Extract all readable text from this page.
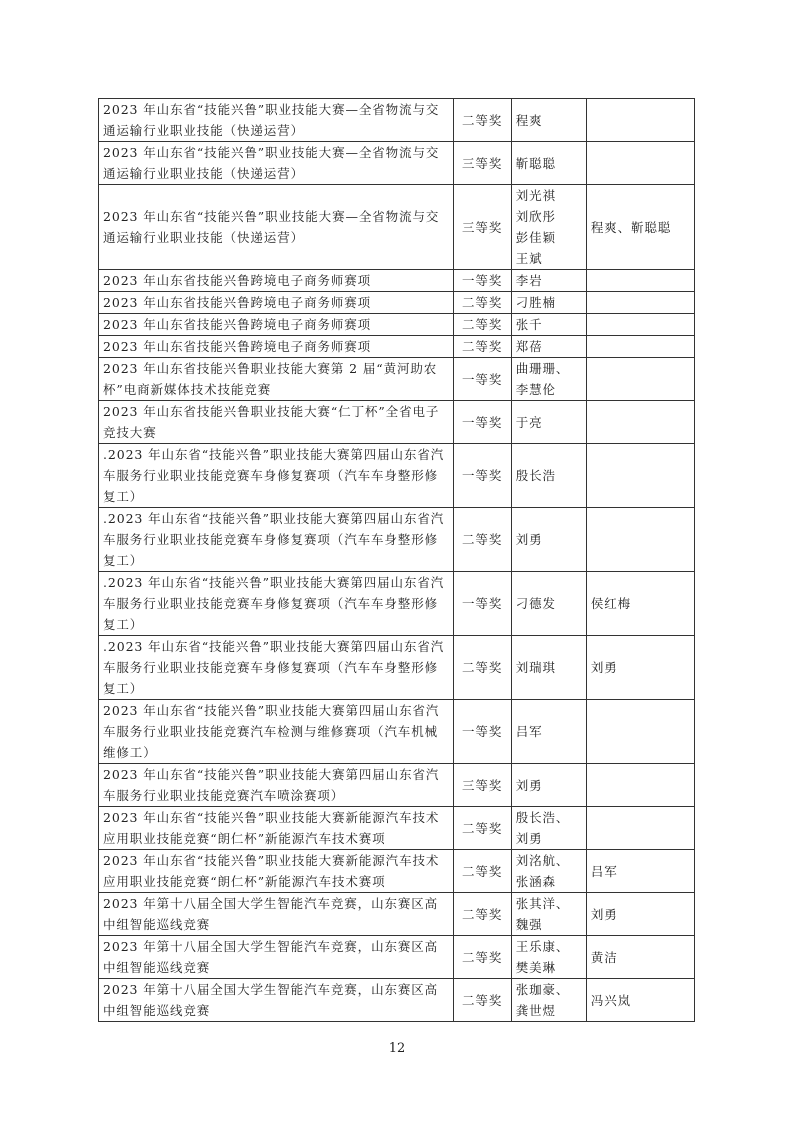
2023 年山东省“技能兴鲁”职业技能大赛—全省物流与交通运输行业职业技能（快递运营）	二等奖	程爽	

2023 年山东省“技能兴鲁”职业技能大赛—全省物流与交通运输行业职业技能（快递运营）	三等奖	靳聪聪	

2023 年山东省“技能兴鲁”职业技能大赛—全省物流与交通运输行业职业技能（快递运营）	三等奖	刘光祺
刘欣彤
彭佳颖
王斌	程爽、靳聪聪
2023 年山东省技能兴鲁跨境电子商务师赛项	一等奖	李岩	

2023 年山东省技能兴鲁跨境电子商务师赛项	二等奖	刁胜楠	

2023 年山东省技能兴鲁跨境电子商务师赛项	二等奖	张千	

2023 年山东省技能兴鲁跨境电子商务师赛项	二等奖	郑蓓	

2023 年山东省技能兴鲁职业技能大赛第 2 届“黄河助农杯”电商新媒体技术技能竞赛	一等奖	曲珊珊、
李慧伦	

2023 年山东省技能兴鲁职业技能大赛“仁丁杯”全省电子竞技大赛	一等奖	于亮	

.2023 年山东省“技能兴鲁”职业技能大赛第四届山东省汽车服务行业职业技能竞赛车身修复赛项（汽车车身整形修复工）	一等奖	殷长浩	

.2023 年山东省“技能兴鲁”职业技能大赛第四届山东省汽车服务行业职业技能竞赛车身修复赛项（汽车车身整形修复工）	二等奖	刘勇	

.2023 年山东省“技能兴鲁”职业技能大赛第四届山东省汽车服务行业职业技能竞赛车身修复赛项（汽车车身整形修复工）	一等奖	刁德发	侯红梅
.2023 年山东省“技能兴鲁”职业技能大赛第四届山东省汽车服务行业职业技能竞赛车身修复赛项（汽车车身整形修复工）	二等奖	刘瑞琪	刘勇
2023 年山东省“技能兴鲁”职业技能大赛第四届山东省汽车服务行业职业技能竞赛汽车检测与维修赛项（汽车机械维修工）	一等奖	吕军	

2023 年山东省“技能兴鲁”职业技能大赛第四届山东省汽车服务行业职业技能竞赛汽车喷涂赛项）	三等奖	刘勇	

2023 年山东省“技能兴鲁”职业技能大赛新能源汽车技术应用职业技能竞赛“朗仁杯”新能源汽车技术赛项	二等奖	殷长浩、
刘勇	

2023 年山东省“技能兴鲁”职业技能大赛新能源汽车技术应用职业技能竞赛“朗仁杯”新能源汽车技术赛项	二等奖	刘洺航、
张涵森	吕军
2023 年第十八届全国大学生智能汽车竞赛，山东赛区高中组智能巡线竞赛	二等奖	张其洋、
魏强	刘勇
2023 年第十八届全国大学生智能汽车竞赛，山东赛区高中组智能巡线竞赛	二等奖	王乐康、
樊美琳	黄洁
2023 年第十八届全国大学生智能汽车竞赛，山东赛区高中组智能巡线竞赛	二等奖	张珈豪、
龚世煜	冯兴岚
12
